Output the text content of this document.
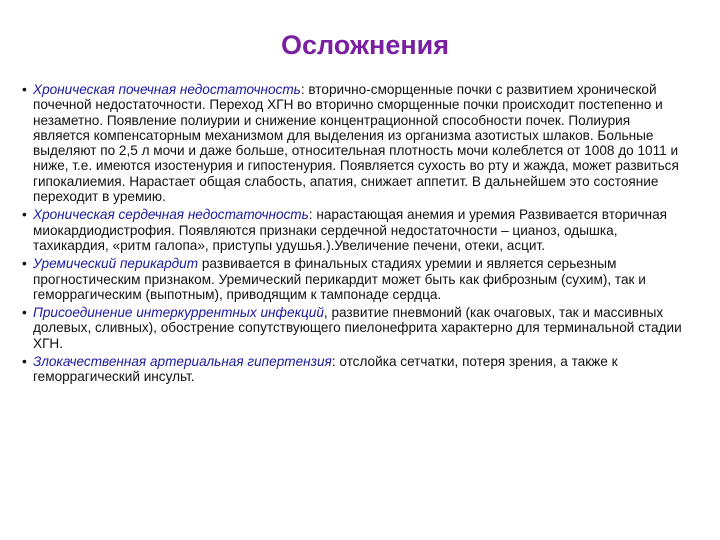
Осложнения
• Хроническая почечная недостаточность: вторично-сморщенные почки с развитием хронической почечной недостаточности. Переход ХГН во вторично сморщенные почки происходит постепенно и незаметно. Появление полиурии и снижение концентрационной способности почек. Полиурия является компенсаторным механизмом для выделения из организма азотистых шлаков. Больные выделяют по 2,5 л мочи и даже больше, относительная плотность мочи колеблется от 1008 до 1011 и ниже, т.е. имеются изостенурия и гипостенурия. Появляется сухость во рту и жажда, может развиться гипокалиемия. Нарастает общая слабость, апатия, снижает аппетит. В дальнейшем это состояние переходит в уремию.
• Хроническая сердечная недостаточность: нарастающая анемия и уремия Развивается вторичная миокардиодистрофия. Появляются признаки сердечной недостаточности – цианоз, одышка, тахикардия, «ритм галопа», приступы удушья.).Увеличение печени, отеки, асцит.
• Уремический перикардит развивается в финальных стадиях уремии и является серьезным прогностическим признаком. Уремический перикардит может быть как фиброзным (сухим), так и геморрагическим (выпотным), приводящим к тампонаде сердца.
• Присоединение интеркуррентных инфекций, развитие пневмоний (как очаговых, так и массивных долевых, сливных), обострение сопутствующего пиелонефрита характерно для терминальной стадии ХГН.
• Злокачественная артериальная гипертензия: отслойка сетчатки, потеря зрения, а также к геморрагический инсульт.
